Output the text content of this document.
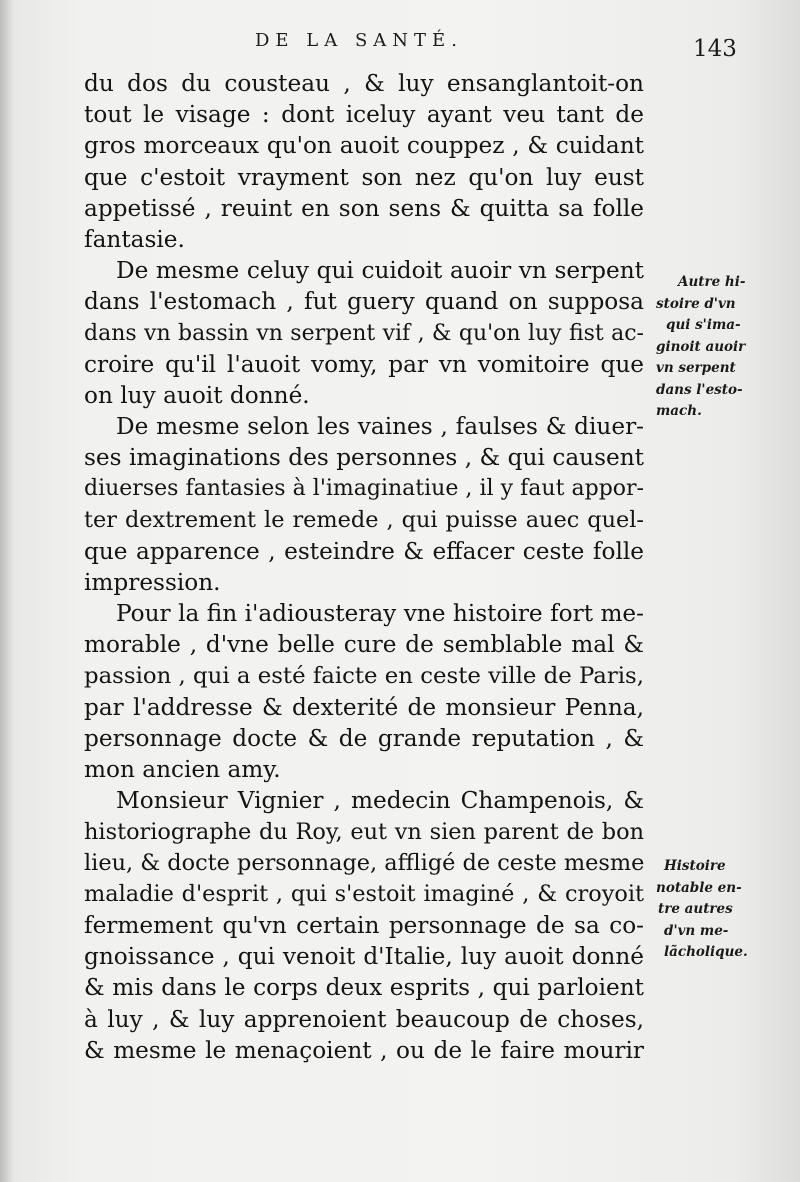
DE LA SANTÉ.	143
du dos du cousteau , & luy ensanglantoit-on
tout le visage : dont iceluy ayant veu tant de
gros morceaux qu'on auoit couppez , & cuidant
que c'estoit vrayment son nez qu'on luy eust
appetissé , reuint en son sens & quitta sa folle
fantasie.
De mesme celuy qui cuidoit auoir vn serpent
dans l'estomach , fut guery quand on supposa
dans vn bassin vn serpent vif , & qu'on luy fist ac-
croire qu'il l'auoit vomy, par vn vomitoire que
on luy auoit donné.
De mesme selon les vaines , faulses & diuer-
ses imaginations des personnes , & qui causent
diuerses fantasies à l'imaginatiue , il y faut appor-
ter dextrement le remede , qui puisse auec quel-
que apparence , esteindre & effacer ceste folle
impression.
Pour la fin i'adiousteray vne histoire fort me-
morable , d'vne belle cure de semblable mal &
passion , qui a esté faicte en ceste ville de Paris,
par l'addresse & dexterité de monsieur Penna,
personnage docte & de grande reputation , &
mon ancien amy.
Monsieur Vignier , medecin Champenois, &
historiographe du Roy, eut vn sien parent de bon
lieu, & docte personnage, affligé de ceste mesme
maladie d'esprit , qui s'estoit imaginé , & croyoit
fermement qu'vn certain personnage de sa co-
gnoissance , qui venoit d'Italie, luy auoit donné
& mis dans le corps deux esprits , qui parloient
à luy , & luy apprenoient beaucoup de choses,
& mesme le menaçoient , ou de le faire mourir
Autre hi-
stoire d'vn
qui s'ima-
ginoit auoir
vn serpent
dans l'esto-
mach.
Histoire
notable en-
tre autres
d'vn me-
lãcholique.
